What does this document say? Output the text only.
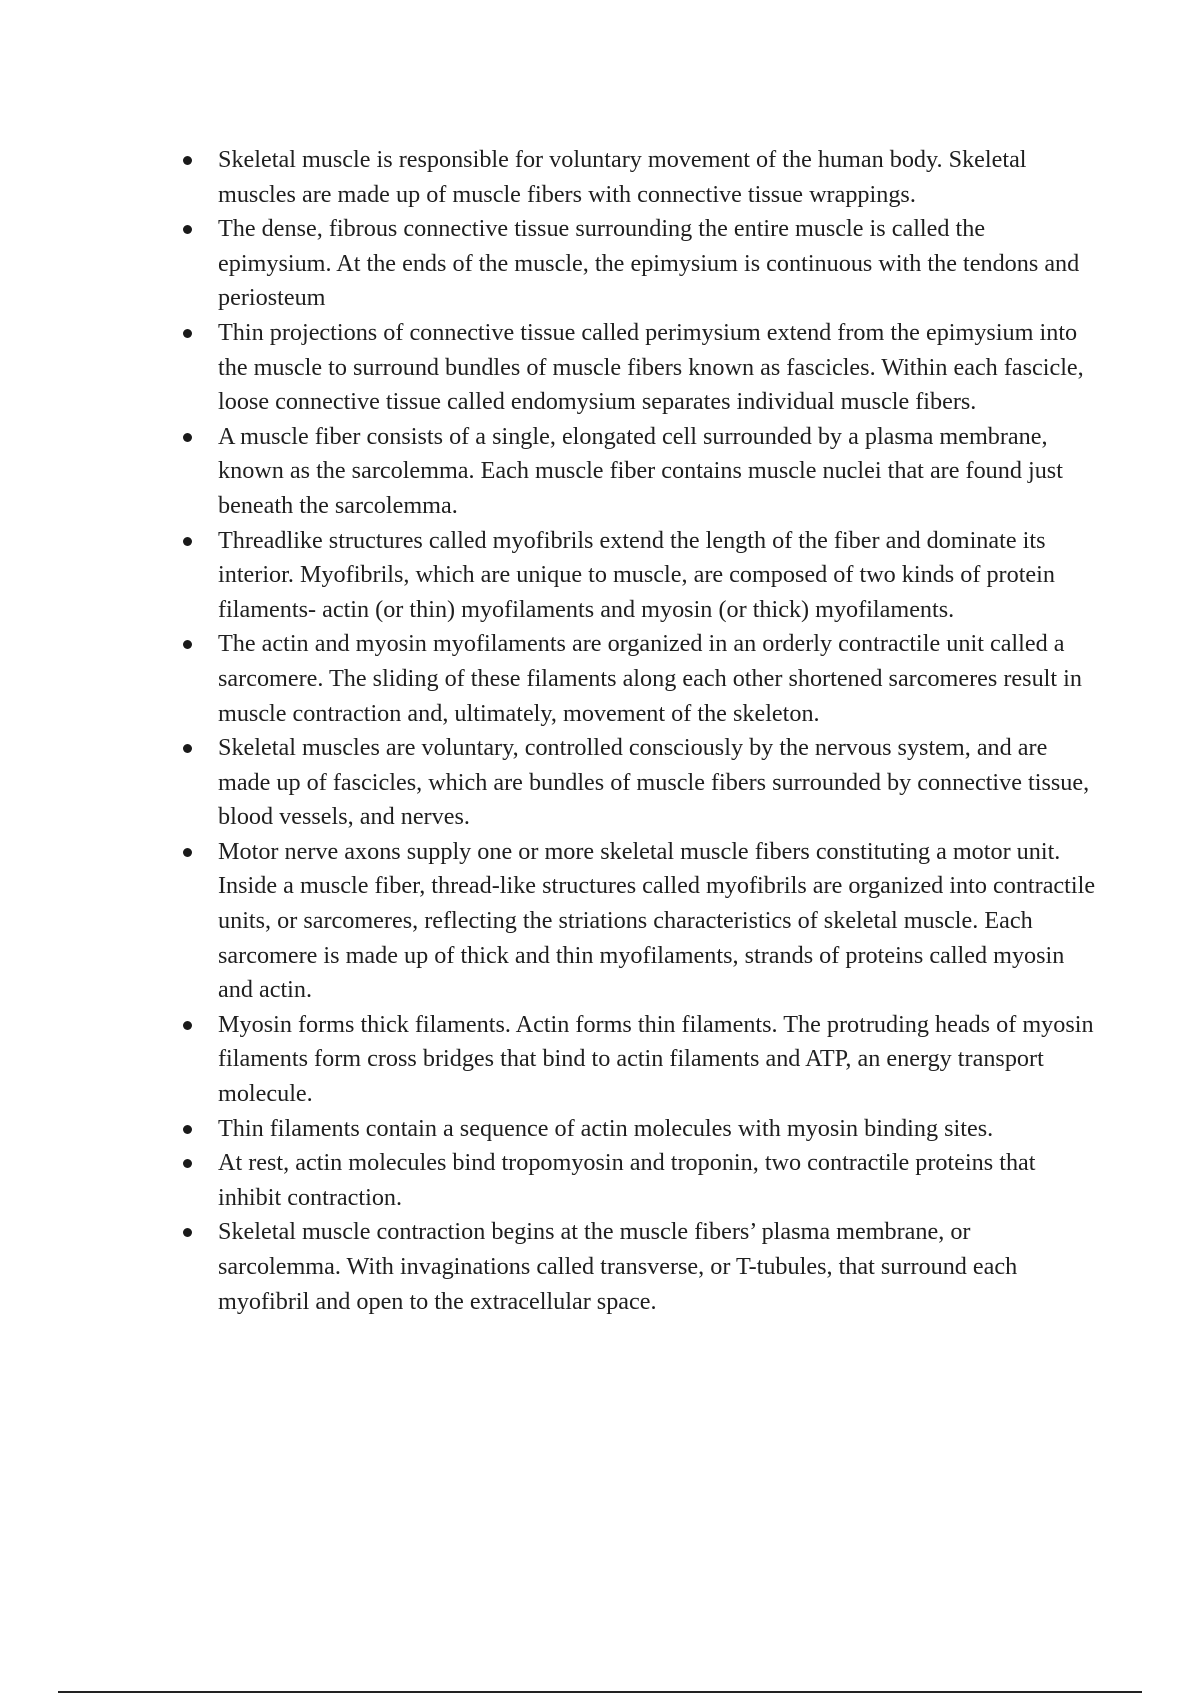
Skeletal muscle is responsible for voluntary movement of the human body. Skeletal muscles are made up of muscle fibers with connective tissue wrappings.
The dense, fibrous connective tissue surrounding the entire muscle is called the epimysium. At the ends of the muscle, the epimysium is continuous with the tendons and periosteum
Thin projections of connective tissue called perimysium extend from the epimysium into the muscle to surround bundles of muscle fibers known as fascicles. Within each fascicle, loose connective tissue called endomysium separates individual muscle fibers.
A muscle fiber consists of a single, elongated cell surrounded by a plasma membrane, known as the sarcolemma. Each muscle fiber contains muscle nuclei that are found just beneath the sarcolemma.
Threadlike structures called myofibrils extend the length of the fiber and dominate its interior. Myofibrils, which are unique to muscle, are composed of two kinds of protein filaments- actin (or thin) myofilaments and myosin (or thick) myofilaments.
The actin and myosin myofilaments are organized in an orderly contractile unit called a sarcomere. The sliding of these filaments along each other shortened sarcomeres result in muscle contraction and, ultimately, movement of the skeleton.
Skeletal muscles are voluntary, controlled consciously by the nervous system, and are made up of fascicles, which are bundles of muscle fibers surrounded by connective tissue, blood vessels, and nerves.
Motor nerve axons supply one or more skeletal muscle fibers constituting a motor unit. Inside a muscle fiber, thread-like structures called myofibrils are organized into contractile units, or sarcomeres, reflecting the striations characteristics of skeletal muscle. Each sarcomere is made up of thick and thin myofilaments, strands of proteins called myosin and actin.
Myosin forms thick filaments. Actin forms thin filaments. The protruding heads of myosin filaments form cross bridges that bind to actin filaments and ATP, an energy transport molecule.
Thin filaments contain a sequence of actin molecules with myosin binding sites.
At rest, actin molecules bind tropomyosin and troponin, two contractile proteins that inhibit contraction.
Skeletal muscle contraction begins at the muscle fibers’ plasma membrane, or sarcolemma. With invaginations called transverse, or T-tubules, that surround each myofibril and open to the extracellular space.
